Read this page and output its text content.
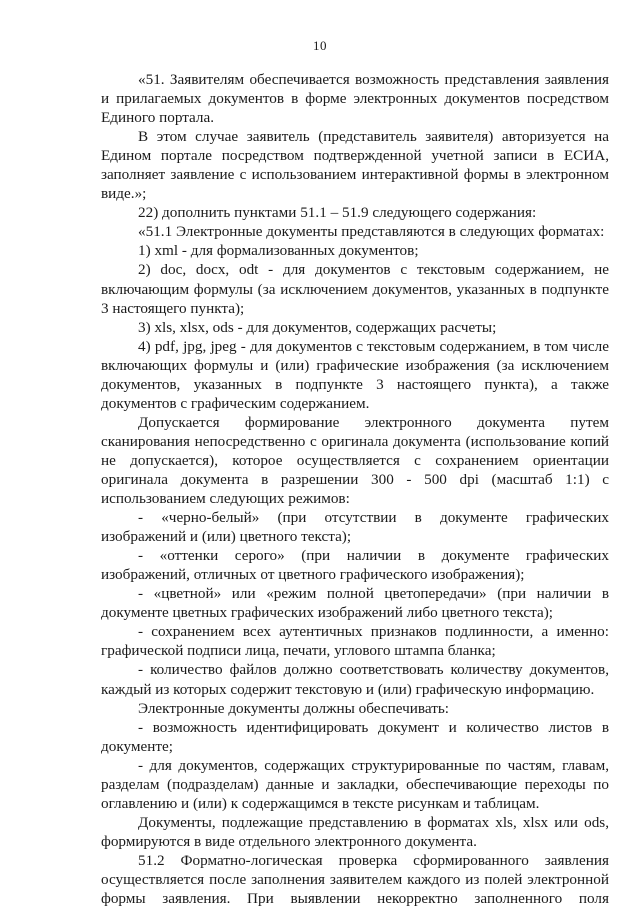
10

«51. Заявителям обеспечивается возможность представления заявления и прилагаемых документов в форме электронных документов посредством Единого портала.

В этом случае заявитель (представитель заявителя) авторизуется на Едином портале посредством подтвержденной учетной записи в ЕСИА, заполняет заявление с использованием интерактивной формы в электронном виде.»;

22) дополнить пунктами 51.1 – 51.9 следующего содержания:

«51.1 Электронные документы представляются в следующих форматах:

1) xml - для формализованных документов;

2) doc, docx, odt - для документов с текстовым содержанием, не включающим формулы (за исключением документов, указанных в подпункте 3 настоящего пункта);

3) xls, xlsx, ods - для документов, содержащих расчеты;

4) pdf, jpg, jpeg - для документов с текстовым содержанием, в том числе включающих формулы и (или) графические изображения (за исключением документов, указанных в подпункте 3 настоящего пункта), а также документов с графическим содержанием.

Допускается формирование электронного документа путем сканирования непосредственно с оригинала документа (использование копий не допускается), которое осуществляется с сохранением ориентации оригинала документа в разрешении 300 - 500 dpi (масштаб 1:1) с использованием следующих режимов:

- «черно-белый» (при отсутствии в документе графических изображений и (или) цветного текста);

- «оттенки серого» (при наличии в документе графических изображений, отличных от цветного графического изображения);

- «цветной» или «режим полной цветопередачи» (при наличии в документе цветных графических изображений либо цветного текста);

- сохранением всех аутентичных признаков подлинности, а именно: графической подписи лица, печати, углового штампа бланка;

- количество файлов должно соответствовать количеству документов, каждый из которых содержит текстовую и (или) графическую информацию.

Электронные документы должны обеспечивать:

- возможность идентифицировать документ и количество листов в документе;

- для документов, содержащих структурированные по частям, главам, разделам (подразделам) данные и закладки, обеспечивающие переходы по оглавлению и (или) к содержащимся в тексте рисункам и таблицам.

Документы, подлежащие представлению в форматах xls, xlsx или ods, формируются в виде отдельного электронного документа.

51.2 Форматно-логическая проверка сформированного заявления осуществляется после заполнения заявителем каждого из полей электронной формы заявления. При выявлении некорректно заполненного поля
